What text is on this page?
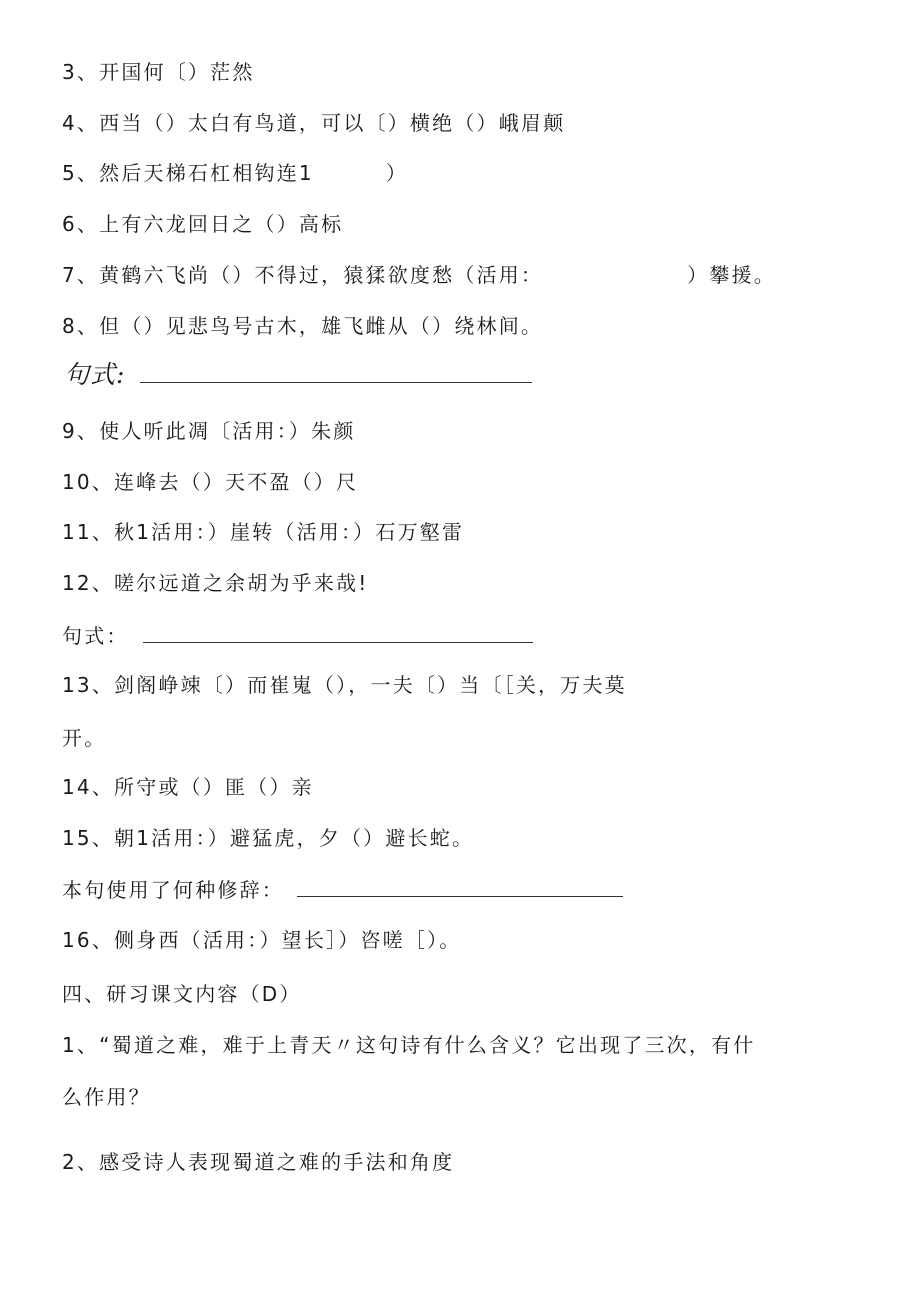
3、开国何〔）茫然
4、西当（）太白有鸟道，可以〔）横绝（）峨眉颠
5、然后天梯石杠相钩连1	）
6、上有六龙回日之（）高标
7、黄鹤六飞尚（）不得过，猿猱欲度愁（活用：	）攀援。
8、但（）见悲鸟号古木，雄飞雌从（）绕林间。
句式:
9、使人听此凋〔活用：）朱颜
10、连峰去（）天不盈（）尺
11、秋1活用：）崖转（活用：）石万壑雷
12、嗟尔远道之余胡为乎来哉!
句式：
13、剑阁峥竦〔）而崔嵬（），一夫〔）当〔［关，万夫莫
开。
14、所守或（）匪（）亲
15、朝1活用：）避猛虎，夕（）避长蛇。
本句使用了何种修辞：
16、侧身西（活用：）望长］）咨嗟［）。
四、研习课文内容（D）
1、“蜀道之难，难于上青天〃这句诗有什么含义？它出现了三次，有什
么作用？
2、感受诗人表现蜀道之难的手法和角度
